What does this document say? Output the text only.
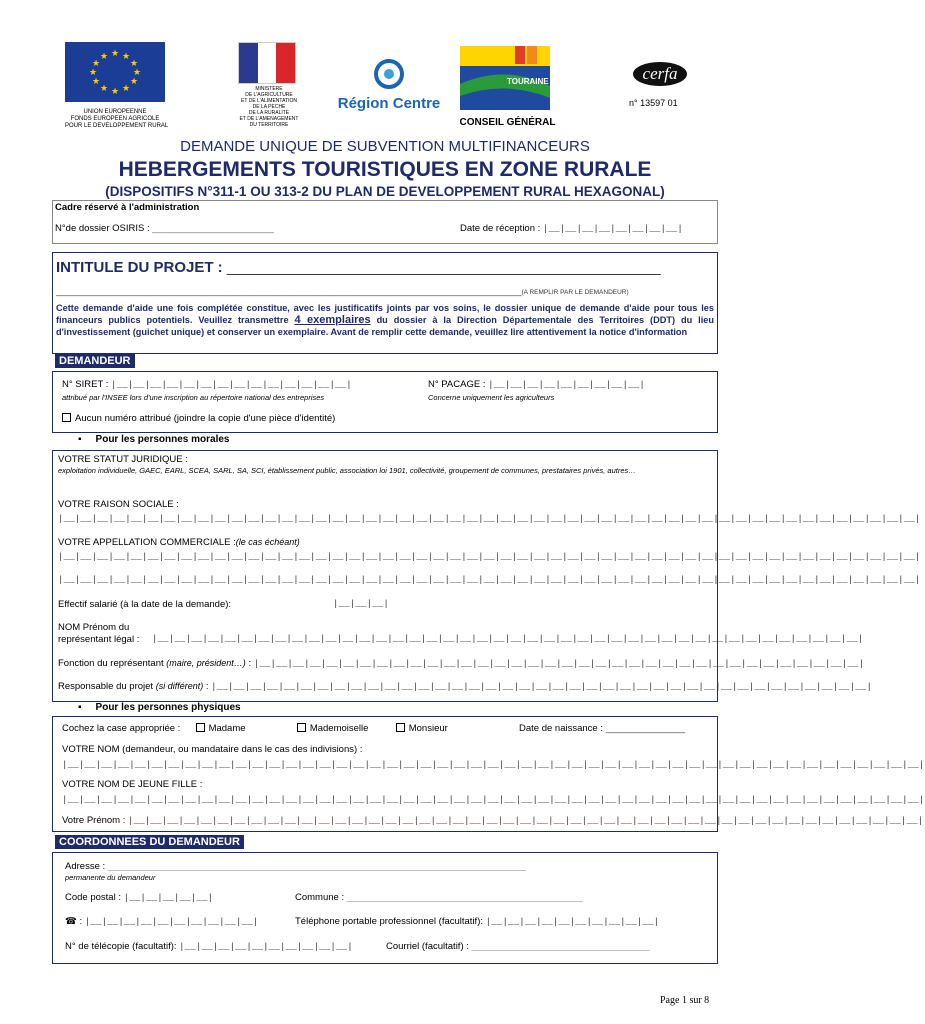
★ ★
★
★
★
★
★
★
★
★
★
★
UNION EUROPEENNE
FONDS EUROPEEN AGRICOLE
POUR LE DEVELOPPEMENT RURAL
MINISTERE
DE L'AGRICULTURE
ET DE L'ALIMENTATION
DE LA PECHE
DE LA RURALITE
ET DE L'AMENAGEMENT
DU TERRITOIRE
Région Centre
TOURAINE
CONSEIL GÉNÉRAL
cerfa
n° 13597 01
DEMANDE UNIQUE DE SUBVENTION MULTIFINANCEURS
HEBERGEMENTS TOURISTIQUES EN ZONE RURALE
(DISPOSITIFS N°311-1 OU 313-2 DU PLAN DE DEVELOPPEMENT RURAL HEXAGONAL)
Cadre réservé à l'administration
N°de dossier OSIRIS : _______________________	Date de réception : |__|__|__|__|__|__|__|__|
INTITULE DU PROJET : ____________________________________________________
_____________________________________________________________________________________________(A REMPLIR PAR LE DEMANDEUR)
Cette demande d'aide une fois complétée constitue, avec les justificatifs joints par vos soins, le dossier unique de demande d'aide pour tous les financeurs publics potentiels. Veuillez transmettre 4 exemplaires du dossier à la Direction Départementale des Territoires (DDT) du lieu d'investissement (guichet unique) et conserver un exemplaire. Avant de remplir cette demande, veuillez lire attentivement la notice d'information
DEMANDEUR
N° SIRET : |__|__|__|__|__|__|__|__|__|__|__|__|__|__|
attribué par l'INSEE lors d'une inscription au répertoire national des entreprises
N° PACAGE : |__|__|__|__|__|__|__|__|__|
Concerne uniquement les agriculteurs
Aucun numéro attribué (joindre la copie d'une pièce d'identité)
▪ Pour les personnes morales
VOTRE STATUT JURIDIQUE :
exploitation individuelle, GAEC, EARL, SCEA, SARL, SA, SCI, établissement public, association loi 1901, collectivité, groupement de communes, prestataires privés, autres…
VOTRE RAISON SOCIALE :
|__|__|__|__|__|__|__|__|__|__|__|__|__|__|__|__|__|__|__|__|__|__|__|__|__|__|__|__|__|__|__|__|__|__|__|__|__|__|__|__|__|__|__|__|__|__|__|__|__|__|__|
VOTRE APPELLATION COMMERCIALE :(le cas échéant)
|__|__|__|__|__|__|__|__|__|__|__|__|__|__|__|__|__|__|__|__|__|__|__|__|__|__|__|__|__|__|__|__|__|__|__|__|__|__|__|__|__|__|__|__|__|__|__|__|__|__|__|
|__|__|__|__|__|__|__|__|__|__|__|__|__|__|__|__|__|__|__|__|__|__|__|__|__|__|__|__|__|__|__|__|__|__|__|__|__|__|__|__|__|__|__|__|__|__|__|__|__|__|__|
Effectif salarié (à la date de la demande):	|__|__|__|
NOM Prénom du
représentant légal : |__|__|__|__|__|__|__|__|__|__|__|__|__|__|__|__|__|__|__|__|__|__|__|__|__|__|__|__|__|__|__|__|__|__|__|__|__|__|__|__|__|__|
Fonction du représentant (maire, président…) : |__|__|__|__|__|__|__|__|__|__|__|__|__|__|__|__|__|__|__|__|__|__|__|__|__|__|__|__|__|__|__|__|__|__|__|__|
Responsable du projet (si différent) : |__|__|__|__|__|__|__|__|__|__|__|__|__|__|__|__|__|__|__|__|__|__|__|__|__|__|__|__|__|__|__|__|__|__|__|__|__|__|__|
▪ Pour les personnes physiques
Cochez la case appropriée :	Madame	Mademoiselle	Monsieur	Date de naissance : _______________
VOTRE NOM (demandeur, ou mandataire dans le cas des indivisions) :
|__|__|__|__|__|__|__|__|__|__|__|__|__|__|__|__|__|__|__|__|__|__|__|__|__|__|__|__|__|__|__|__|__|__|__|__|__|__|__|__|__|__|__|__|__|__|__|__|__|__|__|
VOTRE NOM DE JEUNE FILLE :
|__|__|__|__|__|__|__|__|__|__|__|__|__|__|__|__|__|__|__|__|__|__|__|__|__|__|__|__|__|__|__|__|__|__|__|__|__|__|__|__|__|__|__|__|__|__|__|__|__|__|__|
Votre Prénom : |__|__|__|__|__|__|__|__|__|__|__|__|__|__|__|__|__|__|__|__|__|__|__|__|__|__|__|__|__|__|__|__|__|__|__|__|__|__|__|__|__|__|__|__|__|__|__|
COORDONNEES DU DEMANDEUR
Adresse : ______________________________________________________________________________________________
permanente du demandeur
Code postal : |__|__|__|__|__|	Commune : _____________________________________________________
☎ : |__|__|__|__|__|__|__|__|__|__|	Téléphone portable professionnel (facultatif): |__|__|__|__|__|__|__|__|__|__|
N° de télécopie (facultatif): |__|__|__|__|__|__|__|__|__|__|	Courriel (facultatif) : ________________________________________
Page 1 sur 8
